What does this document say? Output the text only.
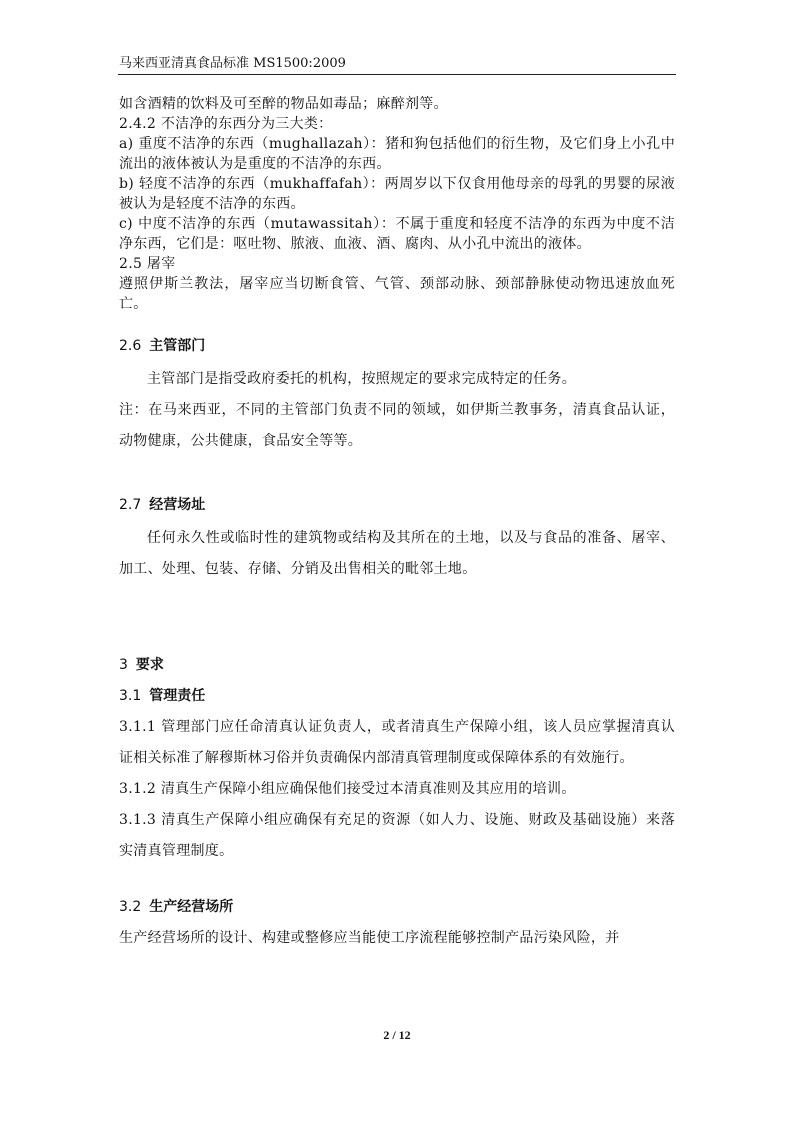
马来西亚清真食品标准 MS1500:2009

如含酒精的饮料及可至醉的物品如毒品；麻醉剂等。

2.4.2 不洁净的东西分为三大类：

a) 重度不洁净的东西（mughallazah）：猪和狗包括他们的衍生物，及它们身上小孔中流出的液体被认为是重度的不洁净的东西。

b) 轻度不洁净的东西（mukhaffafah）：两周岁以下仅食用他母亲的母乳的男婴的尿液被认为是轻度不洁净的东西。

c) 中度不洁净的东西（mutawassitah）：不属于重度和轻度不洁净的东西为中度不洁净东西，它们是：呕吐物、脓液、血液、酒、腐肉、从小孔中流出的液体。

2.5 屠宰

遵照伊斯兰教法，屠宰应当切断食管、气管、颈部动脉、颈部静脉使动物迅速放血死亡。

2.6 主管部门

主管部门是指受政府委托的机构，按照规定的要求完成特定的任务。

注：在马来西亚，不同的主管部门负责不同的领域，如伊斯兰教事务，清真食品认证，动物健康，公共健康，食品安全等等。

2.7 经营场址

任何永久性或临时性的建筑物或结构及其所在的土地，以及与食品的准备、屠宰、加工、处理、包装、存储、分销及出售相关的毗邻土地。

3 要求

3.1 管理责任

3.1.1 管理部门应任命清真认证负责人，或者清真生产保障小组，该人员应掌握清真认证相关标准了解穆斯林习俗并负责确保内部清真管理制度或保障体系的有效施行。

3.1.2 清真生产保障小组应确保他们接受过本清真准则及其应用的培训。

3.1.3 清真生产保障小组应确保有充足的资源（如人力、设施、财政及基础设施）来落实清真管理制度。

3.2 生产经营场所

生产经营场所的设计、构建或整修应当能使工序流程能够控制产品污染风险，并

2 / 12
